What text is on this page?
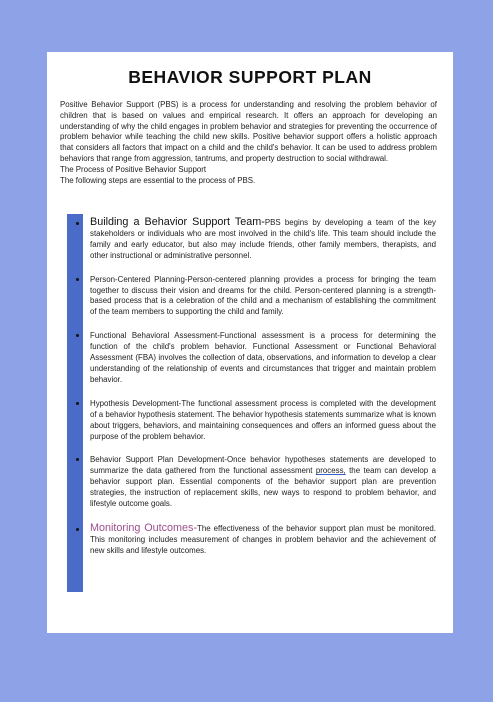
BEHAVIOR SUPPORT PLAN

Positive Behavior Support (PBS) is a process for understanding and resolving the problem behavior of children that is based on values and empirical research. It offers an approach for developing an understanding of why the child engages in problem behavior and strategies for preventing the occurrence of problem behavior while teaching the child new skills. Positive behavior support offers a holistic approach that considers all factors that impact on a child and the child's behavior. It can be used to address problem behaviors that range from aggression, tantrums, and property destruction to social withdrawal.

The Process of Positive Behavior Support

The following steps are essential to the process of PBS.

Building a Behavior Support Team-PBS begins by developing a team of the key stakeholders or individuals who are most involved in the child's life. This team should include the family and early educator, but also may include friends, other family members, therapists, and other instructional or administrative personnel.
Person-Centered Planning-Person-centered planning provides a process for bringing the team together to discuss their vision and dreams for the child. Person-centered planning is a strength-based process that is a celebration of the child and a mechanism of establishing the commitment of the team members to supporting the child and family.
Functional Behavioral Assessment-Functional assessment is a process for determining the function of the child's problem behavior. Functional Assessment or Functional Behavioral Assessment (FBA) involves the collection of data, observations, and information to develop a clear understanding of the relationship of events and circumstances that trigger and maintain problem behavior.
Hypothesis Development-The functional assessment process is completed with the development of a behavior hypothesis statement. The behavior hypothesis statements summarize what is known about triggers, behaviors, and maintaining consequences and offers an informed guess about the purpose of the problem behavior.
Behavior Support Plan Development-Once behavior hypotheses statements are developed to summarize the data gathered from the functional assessment process, the team can develop a behavior support plan. Essential components of the behavior support plan are prevention strategies, the instruction of replacement skills, new ways to respond to problem behavior, and lifestyle outcome goals.
Monitoring Outcomes-The effectiveness of the behavior support plan must be monitored. This monitoring includes measurement of changes in problem behavior and the achievement of new skills and lifestyle outcomes.
